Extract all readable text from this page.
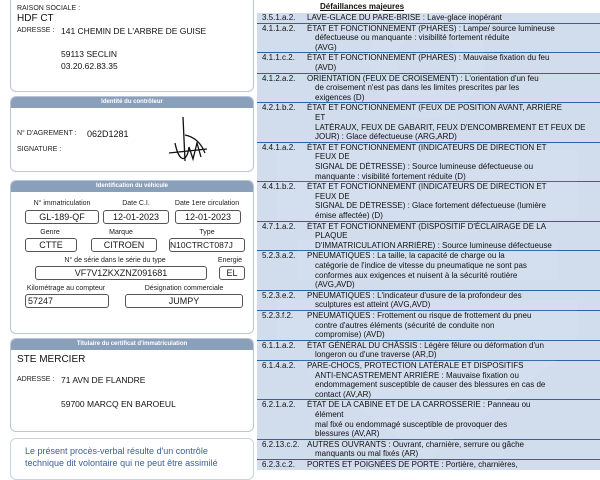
RAISON SOCIALE :
HDF CT
ADRESSE : 141 CHEMIN DE L'ARBRE DE GUISE
59113 SECLIN
03.20.62.83.35
Identité du contrôleur
N° D'AGREMENT : 062D1281
SIGNATURE :
Identification du véhicule
N° immatriculation
GL-189-QF
Date C.I.
12-01-2023
Date 1ere circulation
12-01-2023
Genre
CTTE
Marque
CITROEN
Type
N10CTRCT087J
N° de série dans le série du type
VF7V1ZKXZNZ091681
Energie
EL
Kilométrage au compteur
57247
Désignation commerciale
JUMPY
Titulaire du certificat d'immatriculation
STE MERCIER
ADRESSE : 71 AVN DE FLANDRE
59700 MARCQ EN BAROEUL
Le présent procès-verbal résulte d'un contrôle
technique dit volontaire qui ne peut être assimilé
Défaillances majeures
3.5.1.a.2. LAVE-GLACE DU PARE-BRISE : Lave-glace inopérant
4.1.1.a.2. ÉTAT ET FONCTIONNEMENT (PHARES) : Lampe/ source lumineuse
défectueuse ou manquante : visibilité fortement réduite
(AVG)
4.1.1.c.2. ÉTAT ET FONCTIONNEMENT (PHARES) : Mauvaise fixation du feu
(AVD)
4.1.2.a.2. ORIENTATION (FEUX DE CROISEMENT) : L'orientation d'un feu
de croisement n'est pas dans les limites prescrites par les
exigences (D)
4.2.1.b.2. ÉTAT ET FONCTIONNEMENT (FEUX DE POSITION AVANT, ARRIÈRE
ET
LATÉRAUX, FEUX DE GABARIT, FEUX D'ENCOMBREMENT ET FEUX DE
JOUR) : Glace défectueuse (ARG,ARD)
4.4.1.a.2. ÉTAT ET FONCTIONNEMENT (INDICATEURS DE DIRECTION ET
FEUX DE
SIGNAL DE DÉTRESSE) : Source lumineuse défectueuse ou
manquante : visibilité fortement réduite (D)
4.4.1.b.2. ÉTAT ET FONCTIONNEMENT (INDICATEURS DE DIRECTION ET
FEUX DE
SIGNAL DE DÉTRESSE) : Glace fortement défectueuse (lumière
émise affectée) (D)
4.7.1.a.2. ÉTAT ET FONCTIONNEMENT (DISPOSITIF D'ÉCLAIRAGE DE LA
PLAQUE
D'IMMATRICULATION ARRIÈRE) : Source lumineuse défectueuse
5.2.3.a.2. PNEUMATIQUES : La taille, la capacité de charge ou la
catégorie de l'indice de vitesse du pneumatique ne sont pas
conformes aux exigences et nuisent à la sécurité routière
(AVG,AVD)
5.2.3.e.2. PNEUMATIQUES : L'indicateur d'usure de la profondeur des
sculptures est atteint (AVG,AVD)
5.2.3.f.2. PNEUMATIQUES : Frottement ou risque de frottement du pneu
contre d'autres éléments (sécurité de conduite non
compromise) (AVD)
6.1.1.a.2. ÉTAT GÉNÉRAL DU CHÂSSIS : Légère fêlure ou déformation d'un
longeron ou d'une traverse (AR,D)
6.1.4.a.2. PARE-CHOCS, PROTECTION LATÉRALE ET DISPOSITIFS
ANTI-ENCASTREMENT ARRIÈRE : Mauvaise fixation ou
endommagement susceptible de causer des blessures en cas de
contact (AV,AR)
6.2.1.a.2. ÉTAT DE LA CABINE ET DE LA CARROSSERIE : Panneau ou
élément
mal fixé ou endommagé susceptible de provoquer des
blessures (AV,AR)
6.2.13.c.2. AUTRES OUVRANTS : Ouvrant, charnière, serrure ou gâche
manquants ou mal fixés (AR)
6.2.3.c.2. PORTES ET POIGNÉES DE PORTE : Portière, charnières,
